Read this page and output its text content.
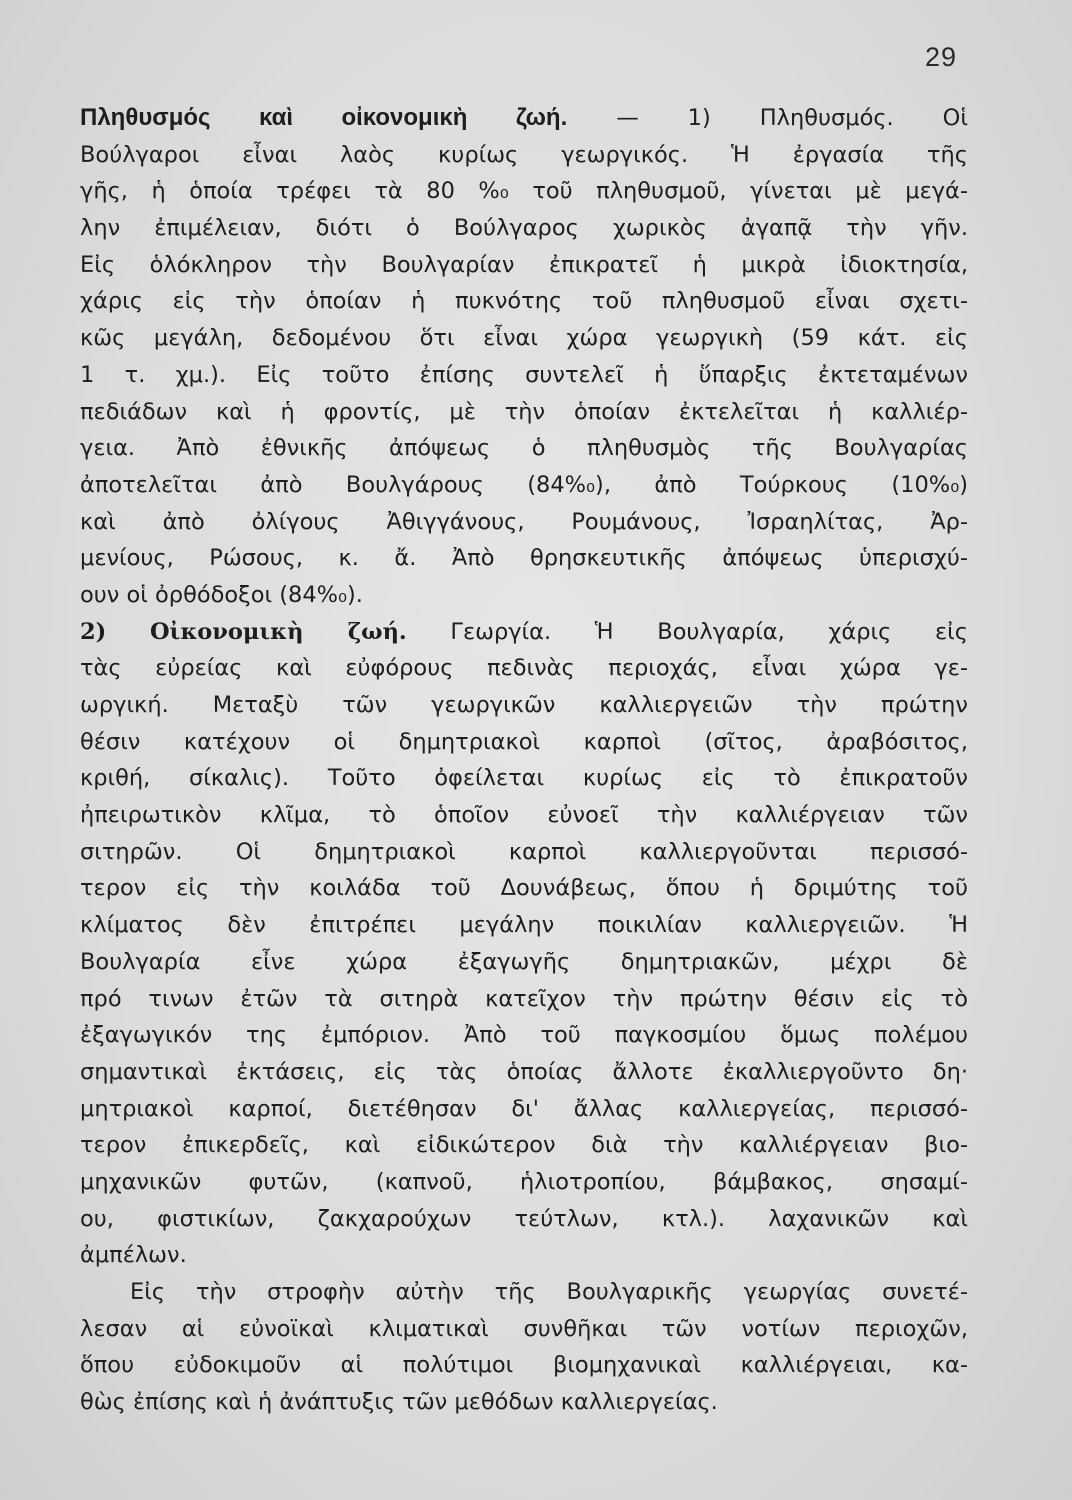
29
Πληθυσμός καὶ οἰκονομικὴ ζωή. — 1) Πληθυσμός. Οἱ
Βούλγαροι εἶναι λαὸς κυρίως γεωργικός. Ἡ ἐργασία τῆς
γῆς, ἡ ὁποία τρέφει τὰ 80 %₀ τοῦ πληθυσμοῦ, γίνεται μὲ μεγά-
λην ἐπιμέλειαν, διότι ὁ Βούλγαρος χωρικὸς ἀγαπᾷ τὴν γῆν.
Εἰς ὁλόκληρον τὴν Βουλγαρίαν ἐπικρατεῖ ἡ μικρὰ ἰδιοκτησία,
χάρις εἰς τὴν ὁποίαν ἡ πυκνότης τοῦ πληθυσμοῦ εἶναι σχετι-
κῶς μεγάλη, δεδομένου ὅτι εἶναι χώρα γεωργικὴ (59 κάτ. εἰς
1 τ. χμ.). Εἰς τοῦτο ἐπίσης συντελεῖ ἡ ὕπαρξις ἐκτεταμένων
πεδιάδων καὶ ἡ φροντίς, μὲ τὴν ὁποίαν ἐκτελεῖται ἡ καλλιέρ-
γεια. Ἀπὸ ἐθνικῆς ἀπόψεως ὁ πληθυσμὸς τῆς Βουλγαρίας
ἀποτελεῖται ἀπὸ Βουλγάρους (84%₀), ἀπὸ Τούρκους (10%₀)
καὶ ἀπὸ ὀλίγους Ἀθιγγάνους, Ρουμάνους, Ἰσραηλίτας, Ἀρ-
μενίους, Ρώσους, κ. ἄ. Ἀπὸ θρησκευτικῆς ἀπόψεως ὑπερισχύ-
ουν οἱ ὀρθόδοξοι (84%₀).
2) Οἰκονομικὴ ζωή. Γεωργία. Ἡ Βουλγαρία, χάρις εἰς
τὰς εὐρείας καὶ εὐφόρους πεδινὰς περιοχάς, εἶναι χώρα γε-
ωργική. Μεταξὺ τῶν γεωργικῶν καλλιεργειῶν τὴν πρώτην
θέσιν κατέχουν οἱ δημητριακοὶ καρποὶ (σῖτος, ἀραβόσιτος,
κριθή, σίκαλις). Τοῦτο ὀφείλεται κυρίως εἰς τὸ ἐπικρατοῦν
ἠπειρωτικὸν κλῖμα, τὸ ὁποῖον εὐνοεῖ τὴν καλλιέργειαν τῶν
σιτηρῶν. Οἱ δημητριακοὶ καρποὶ καλλιεργοῦνται περισσό-
τερον εἰς τὴν κοιλάδα τοῦ Δουνάβεως, ὅπου ἡ δριμύτης τοῦ
κλίματος δὲν ἐπιτρέπει μεγάλην ποικιλίαν καλλιεργειῶν. Ἡ
Βουλγαρία εἶνε χώρα ἐξαγωγῆς δημητριακῶν, μέχρι δὲ
πρό τινων ἐτῶν τὰ σιτηρὰ κατεῖχον τὴν πρώτην θέσιν εἰς τὸ
ἐξαγωγικόν της ἐμπόριον. Ἀπὸ τοῦ παγκοσμίου ὅμως πολέμου
σημαντικαὶ ἐκτάσεις, εἰς τὰς ὁποίας ἄλλοτε ἐκαλλιεργοῦντο δη·
μητριακοὶ καρποί, διετέθησαν δι' ἄλλας καλλιεργείας, περισσό-
τερον ἐπικερδεῖς, καὶ εἰδικώτερον διὰ τὴν καλλιέργειαν βιο-
μηχανικῶν φυτῶν, (καπνοῦ, ἡλιοτροπίου, βάμβακος, σησαμί-
ου, φιστικίων, ζακχαρούχων τεύτλων, κτλ.). λαχανικῶν καὶ
ἀμπέλων.
Εἰς τὴν στροφὴν αὐτὴν τῆς Βουλγαρικῆς γεωργίας συνετέ-
λεσαν αἱ εὐνοϊκαὶ κλιματικαὶ συνθῆκαι τῶν νοτίων περιοχῶν,
ὅπου εὐδοκιμοῦν αἱ πολύτιμοι βιομηχανικαὶ καλλιέργειαι, κα-
θὼς ἐπίσης καὶ ἡ ἀνάπτυξις τῶν μεθόδων καλλιεργείας.
